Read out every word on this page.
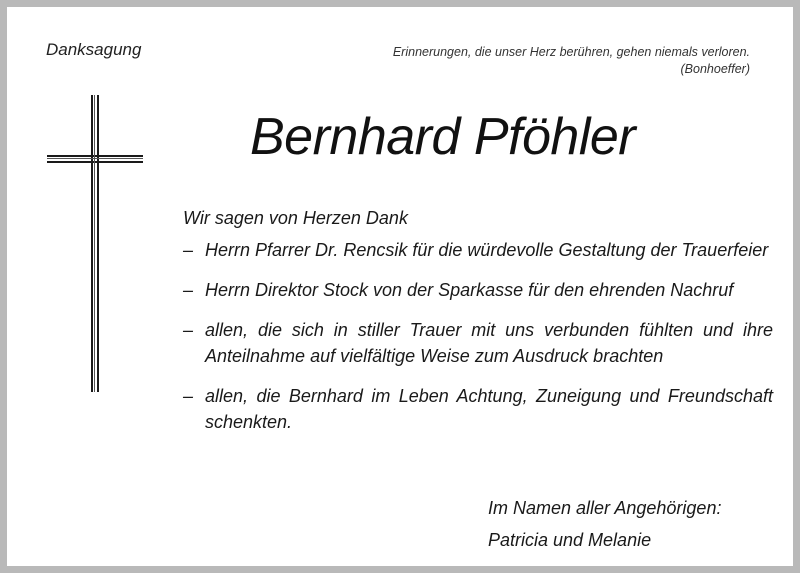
Danksagung	Erinnerungen, die unser Herz berühren, gehen niemals verloren.
(Bonhoeffer)
Bernhard Pföhler
Wir sagen von Herzen Dank
– Herrn Pfarrer Dr. Rencsik für die würdevolle Gestaltung der Trauerfeier
– Herrn Direktor Stock von der Sparkasse für den ehrenden Nachruf
– allen, die sich in stiller Trauer mit uns verbunden fühlten und ihre Anteilnahme auf vielfältige Weise zum Ausdruck brachten
– allen, die Bernhard im Leben Achtung, Zuneigung und Freundschaft schenkten.
Im Namen aller Angehörigen:
Patricia und Melanie
